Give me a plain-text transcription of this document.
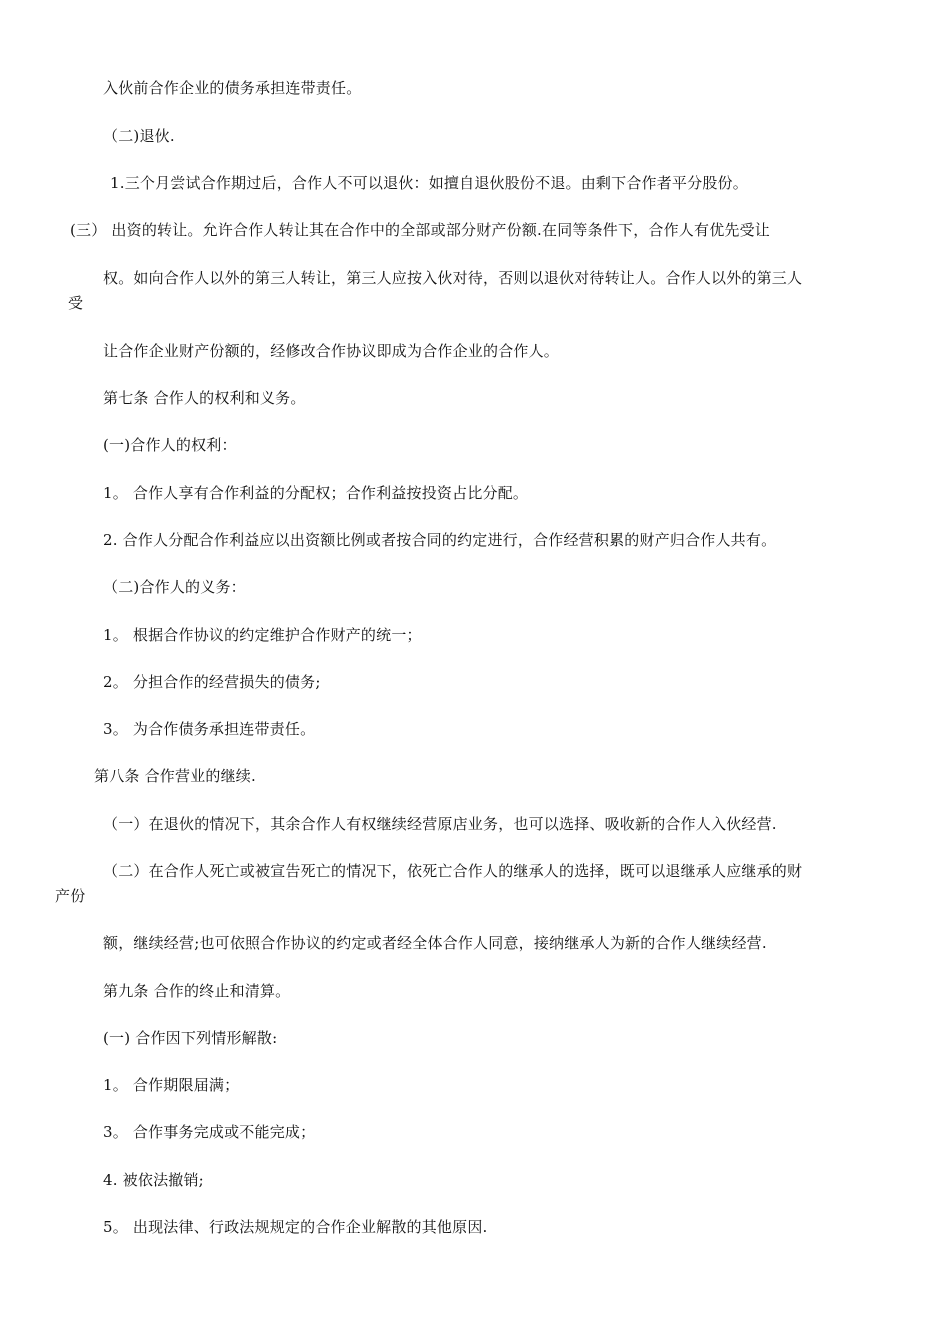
入伙前合作企业的债务承担连带责任。
（二)退伙.
1.三个月尝试合作期过后，合作人不可以退伙：如擅自退伙股份不退。由剩下合作者平分股份。
(三） 出资的转让。允许合作人转让其在合作中的全部或部分财产份额.在同等条件下，合作人有优先受让
权。如向合作人以外的第三人转让，第三人应按入伙对待，否则以退伙对待转让人。合作人以外的第三人
受
让合作企业财产份额的，经修改合作协议即成为合作企业的合作人。
第七条 合作人的权利和义务。
(一)合作人的权利：
1。 合作人享有合作利益的分配权；合作利益按投资占比分配。
2. 合作人分配合作利益应以出资额比例或者按合同的约定进行，合作经营积累的财产归合作人共有。
（二)合作人的义务：
1。 根据合作协议的约定维护合作财产的统一；
2。 分担合作的经营损失的债务;
3。 为合作债务承担连带责任。
第八条 合作营业的继续.
（一）在退伙的情况下，其余合作人有权继续经营原店业务，也可以选择、吸收新的合作人入伙经营.
（二）在合作人死亡或被宣告死亡的情况下，依死亡合作人的继承人的选择，既可以退继承人应继承的财
产份
额，继续经营;也可依照合作协议的约定或者经全体合作人同意，接纳继承人为新的合作人继续经营.
第九条 合作的终止和清算。
(一) 合作因下列情形解散:
1。 合作期限届满；
3。 合作事务完成或不能完成；
4. 被依法撤销;
5。 出现法律、行政法规规定的合作企业解散的其他原因.
